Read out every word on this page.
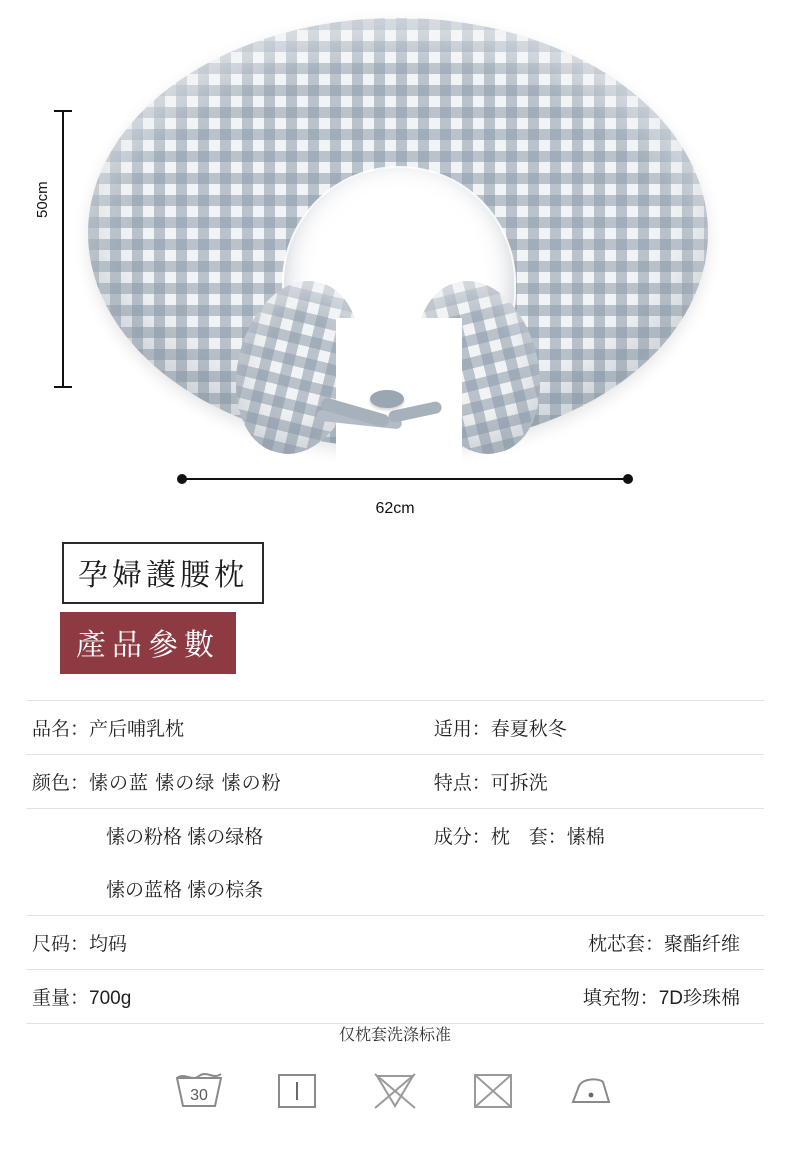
50cm
62cm
孕婦護腰枕
產品參數
品名：产后哺乳枕	适用：春夏秋冬
颜色：愫の蓝 愫の绿 愫の粉	特点：可拆洗
愫の粉格 愫の绿格	成分：枕　套：愫棉
愫の蓝格 愫の棕条	
尺码：均码	枕芯套：聚酯纤维
重量：700g	填充物：7D珍珠棉
仅枕套洗涤标准
30
